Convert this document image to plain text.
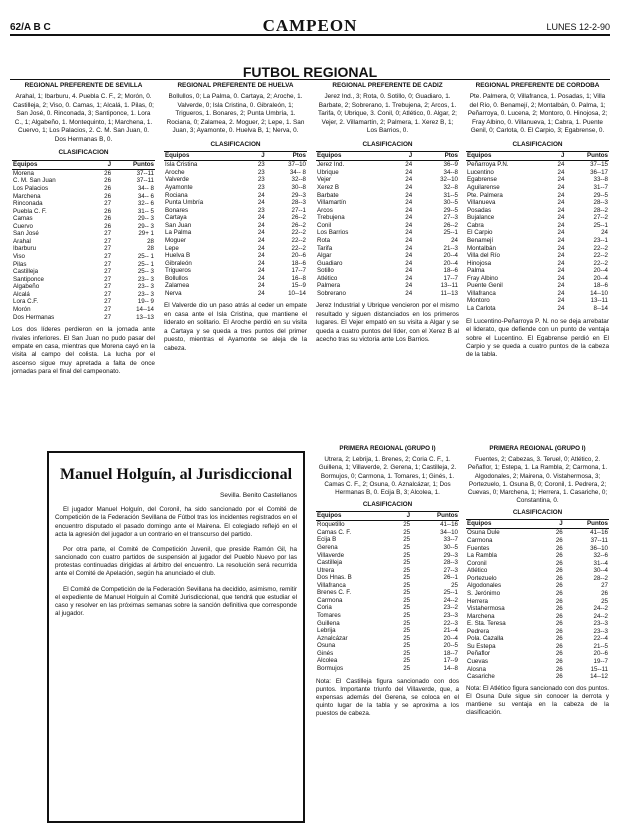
62/A B C	CAMPEON	LUNES 12-2-90
FUTBOL REGIONAL

REGIONAL PREFERENTE DE SEVILLA

Arahal, 1; Ibarburu, 4. Puebla C. F., 2; Morón, 0. Castilleja, 2; Viso, 0. Camas, 1; Alcalá, 1. Pilas, 0; San José, 0. Rinconada, 3; Santiponce, 1. Lora C., 1; Algabeño, 1. Montequinto, 1; Marchena, 1. Cuervo, 1; Los Palacios, 2. C. M. San Juan, 0. Dos Hermanas B, 0.

CLASIFICACION

Equipos	J	Puntos
Morena	26	37--11
C. M. San Juan	26	37--11
Los Palacios	26	34-- 8
Marchena	26	34-- 6
Rinconada	27	32-- 6
Puebla C. F.	26	31-- 5
Camas	26	29-- 3
Cuervo	26	29-- 3
San José	27	29+ 1
Arahal	27	28
Ibarburu	27	28
Viso	27	25-- 1
Pilas	27	25-- 1
Castilleja	27	25-- 3
Santiponce	27	23-- 3
Algabeño	27	23-- 3
Alcalá	27	23-- 3
Lora C.F.	27	19-- 9
Morón	27	14--14
Dos Hermanas	27	13--13

Los dos líderes perdieron en la jornada ante rivales inferiores. El San Juan no pudo pasar del empate en casa, mientras que Morena cayó en la visita al campo del colista. La lucha por el ascenso sigue muy apretada a falta de once jornadas para el final del campeonato.

REGIONAL PREFERENTE DE HUELVA

Bollullos, 0; La Palma, 0. Cartaya, 2; Aroche, 1. Valverde, 0; Isla Cristina, 0. Gibraleón, 1; Trigueros, 1. Bonares, 2; Punta Umbría, 1. Rociana, 0; Zalamea, 2. Moguer, 2; Lepe, 1. San Juan, 3; Ayamonte, 0. Huelva B, 1; Nerva, 0.

CLASIFICACION

Equipos	J	Ptos
Isla Cristina	23	37--10
Aroche	23	34-- 8
Valverde	23	32--8
Ayamonte	23	30--8
Rociana	24	29--3
Punta Umbría	24	28--3
Bonares	23	27--1
Cartaya	24	26--2
San Juan	24	26--2
La Palma	24	22--2
Moguer	24	22--2
Lepe	24	22--2
Huelva B	24	20--6
Gibraleón	24	18--6
Trigueros	24	17--7
Bollullos	24	16--8
Zalamea	24	15--9
Nerva	24	10--14

El Valverde dio un paso atrás al ceder un empate en casa ante el Isla Cristina, que mantiene el liderato en solitario. El Aroche perdió en su visita a Cartaya y se queda a tres puntos del primer puesto, mientras el Ayamonte se aleja de la cabeza.

REGIONAL PREFERENTE DE CADIZ

Jerez Ind., 3; Rota, 0. Sotillo, 0; Guadiaro, 1. Barbate, 2; Sobrerano, 1. Trebujena, 2; Arcos, 1. Tarifa, 0; Ubrique, 3. Conil, 0; Atlético, 0. Algar, 2; Vejer, 2. Villamartín, 2; Palmera, 1. Xerez B, 1; Los Barrios, 0.

CLASIFICACION

Equipos	J	Ptos
Jerez Ind.	24	36--9
Ubrique	24	34--8
Vejer	24	32--10
Xerez B	24	32--8
Barbate	24	31--5
Villamartín	24	30--5
Arcos	24	29--5
Trebujena	24	27--3
Conil	24	26--2
Los Barrios	24	25--1
Rota	24	24
Tarifa	24	21--3
Algar	24	20--4
Guadiaro	24	20--4
Sotillo	24	18--6
Atlético	24	17--7
Palmera	24	13--11
Sobrerano	24	11--13

Jerez Industrial y Ubrique vencieron por el mismo resultado y siguen distanciados en los primeros lugares. El Vejer empató en su visita a Algar y se queda a cuatro puntos del líder, con el Xerez B al acecho tras su victoria ante Los Barrios.

REGIONAL PREFERENTE DE CORDOBA

Pte. Palmera, 0; Villafranca, 1. Posadas, 1; Villa del Río, 0. Benamejí, 2; Montalbán, 0. Palma, 1; Peñarroya, 0. Lucena, 2; Montoro, 0. Hinojosa, 2; Fray Albino, 0. Villanueva, 1; Cabra, 1. Puente Genil, 0; Carlota, 0. El Carpio, 3; Egabrense, 0.

CLASIFICACION

Equipos	J	Puntos
Peñarroya P.N.	24	37--15
Lucentino	24	36--17
Egabrense	24	33--8
Aguilarense	24	31--7
Pte. Palmera	24	29--5
Villanueva	24	28--3
Posadas	24	28--2
Bujalance	24	27--2
Cabra	24	25--1
El Carpio	24	24
Benamejí	24	23--1
Montalbán	24	22--2
Villa del Río	24	22--2
Hinojosa	24	22--2
Palma	24	20--4
Fray Albino	24	20--4
Puente Genil	24	18--6
Villafranca	24	14--10
Montoro	24	13--11
La Carlota	24	8--14

El Lucentino-Peñarroya P. N. no se deja arrebatar el liderato, que defiende con un punto de ventaja sobre el Lucentino. El Egabrense perdió en El Carpio y se queda a cuatro puntos de la cabeza de la tabla.

Manuel Holguín, al Jurisdiccional
Sevilla. Benito Castellanos

El jugador Manuel Holguín, del Coronil, ha sido sancionado por el Comité de Competición de la Federación Sevillana de Fútbol tras los incidentes registrados en el encuentro disputado el pasado domingo ante el Mairena. El colegiado reflejó en el acta la agresión del jugador a un contrario en el transcurso del partido.

Por otra parte, el Comité de Competición Juvenil, que preside Ramón Gil, ha sancionado con cuatro partidos de suspensión al jugador del Pueblo Nuevo por las protestas continuadas dirigidas al árbitro del encuentro. La resolución será recurrida ante el Comité de Apelación, según ha anunciado el club.

El Comité de Competición de la Federación Sevillana ha decidido, asimismo, remitir el expediente de Manuel Holguín al Comité Jurisdiccional, que tendrá que estudiar el caso y resolver en las próximas semanas sobre la sanción definitiva que corresponde al jugador.

PRIMERA REGIONAL (GRUPO I)

Utrera, 2; Lebrija, 1. Brenes, 2; Coria C. F., 1. Guillena, 1; Villaverde, 2. Gerena, 1; Castilleja, 2. Bormujos, 0; Carmona, 1. Tomares, 1; Ginés, 1. Camas C. F., 2; Osuna, 0. Aznalcázar, 1; Dos Hermanas B, 0. Ecija B, 3; Alcolea, 1.

CLASIFICACION

Equipos	J	Puntos
Roquetillo	25	41--16
Camas C. F.	25	34--10
Ecija B	25	33--7
Gerena	25	30--5
Villaverde	25	29--3
Castilleja	25	28--3
Utrera	25	27--3
Dos Hnas. B	25	26--1
Villafranca	25	25
Brenes C. F.	25	25--1
Carmona	25	24--2
Coria	25	23--2
Tomares	25	23--3
Guillena	25	22--3
Lebrija	25	21--4
Aznalcázar	25	20--4
Osuna	25	20--5
Ginés	25	18--7
Alcolea	25	17--9
Bormujos	25	14--8

Nota: El Castilleja figura sancionado con dos puntos. Importante triunfo del Villaverde, que, a expensas además del Gerena, se coloca en el quinto lugar de la tabla y se aproxima a los puestos de cabeza.

PRIMERA REGIONAL (GRUPO I)

Fuentes, 2; Cabezas, 3. Teruel, 0; Atlético, 2. Peñaflor, 1; Estepa, 1. La Rambla, 2; Carmona, 1. Algodonales, 2; Mairena, 0. Vistahermosa, 3; Portezuelo, 1. Osuna B, 0; Coronil, 1. Pedrera, 2; Cuevas, 0; Marchena, 1; Herrera, 1. Casariche, 0; Constantina, 0.

CLASIFICACION

Equipos	J	Puntos
Osuna Dule	26	41--16
Carmona	26	37--11
Fuentes	26	36--10
La Rambla	26	32--6
Coronil	26	31--4
Atlético	26	30--4
Portezuelo	26	28--2
Algodonales	26	27
S. Jerónimo	26	26
Herrera	26	25
Vistahermosa	26	24--2
Marchena	26	24--2
E. Sta. Teresa	26	23--3
Pedrera	26	23--3
Pola. Cazalla	26	22--4
Su Estepa	26	21--5
Peñaflor	26	20--6
Cuevas	26	19--7
Alosna	26	15--11
Casariche	26	14--12

Nota: El Atlético figura sancionado con dos puntos. El Osuna Dule sigue sin conocer la derrota y mantiene su ventaja en la cabeza de la clasificación.
